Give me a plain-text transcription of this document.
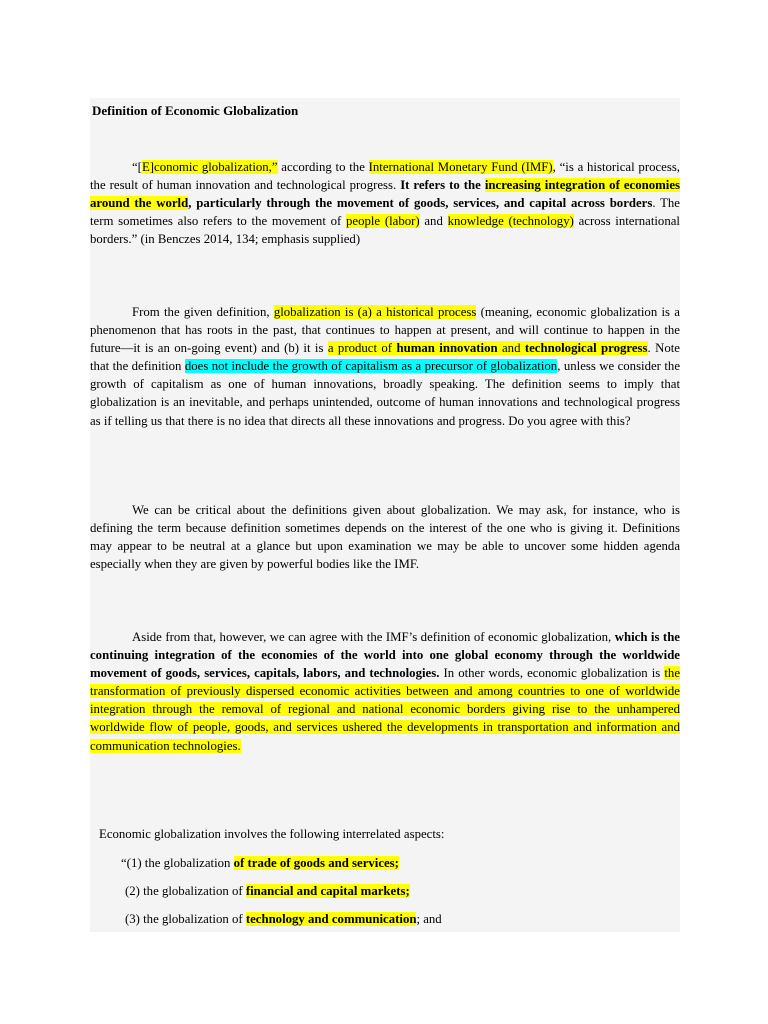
Definition of Economic Globalization
“[E]conomic globalization,” according to the International Monetary Fund (IMF), “is a historical process, the result of human innovation and technological progress. It refers to the increasing integration of economies around the world, particularly through the movement of goods, services, and capital across borders. The term sometimes also refers to the movement of people (labor) and knowledge (technology) across international borders.” (in Benczes 2014, 134; emphasis supplied)
From the given definition, globalization is (a) a historical process (meaning, economic globalization is a phenomenon that has roots in the past, that continues to happen at present, and will continue to happen in the future—it is an on-going event) and (b) it is a product of human innovation and technological progress. Note that the definition does not include the growth of capitalism as a precursor of globalization, unless we consider the growth of capitalism as one of human innovations, broadly speaking. The definition seems to imply that globalization is an inevitable, and perhaps unintended, outcome of human innovations and technological progress as if telling us that there is no idea that directs all these innovations and progress. Do you agree with this?
We can be critical about the definitions given about globalization. We may ask, for instance, who is defining the term because definition sometimes depends on the interest of the one who is giving it. Definitions may appear to be neutral at a glance but upon examination we may be able to uncover some hidden agenda especially when they are given by powerful bodies like the IMF.
Aside from that, however, we can agree with the IMF’s definition of economic globalization, which is the continuing integration of the economies of the world into one global economy through the worldwide movement of goods, services, capitals, labors, and technologies. In other words, economic globalization is the transformation of previously dispersed economic activities between and among countries to one of worldwide integration through the removal of regional and national economic borders giving rise to the unhampered worldwide flow of people, goods, and services ushered the developments in transportation and information and communication technologies.
Economic globalization involves the following interrelated aspects:
“(1) the globalization of trade of goods and services;
(2) the globalization of financial and capital markets;
(3) the globalization of technology and communication; and
